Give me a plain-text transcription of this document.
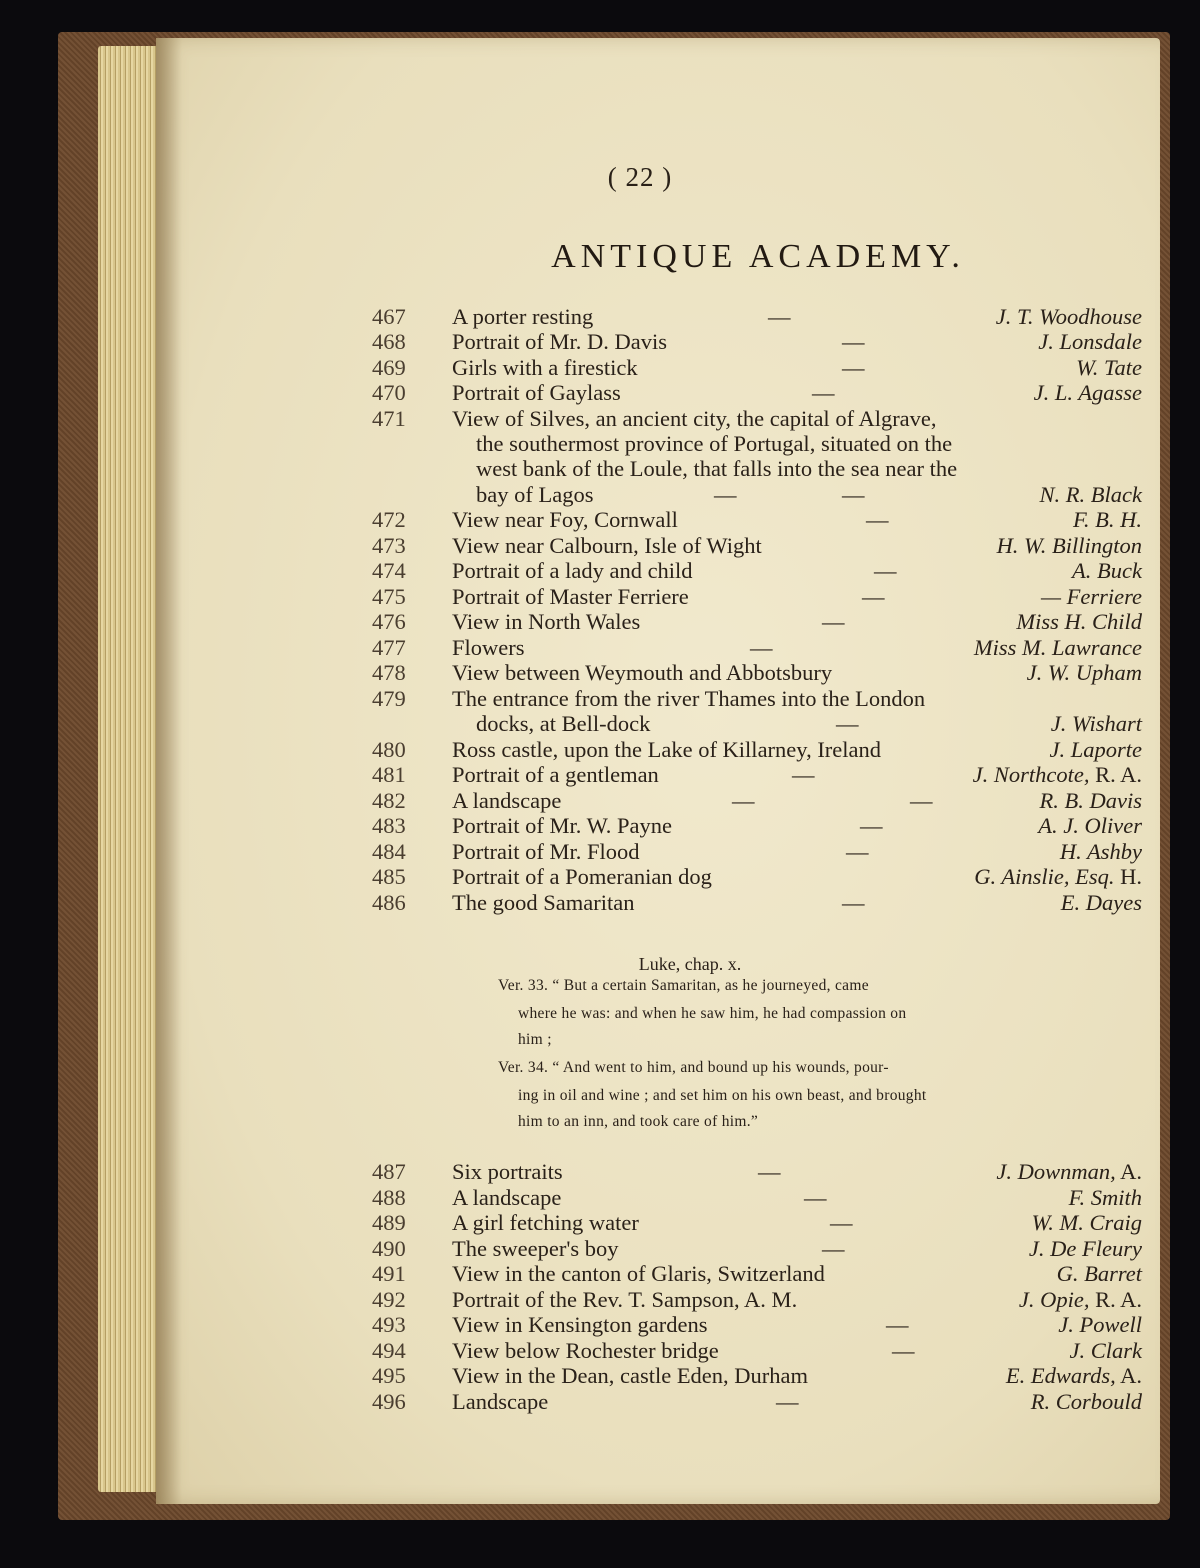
( 22 )
ANTIQUE ACADEMY.
467	A porter resting	—	J. T. Woodhouse
468	Portrait of Mr. D. Davis	—	J. Lonsdale
469	Girls with a firestick	—	W. Tate
470	Portrait of Gaylass	—	J. L. Agasse
471	View of Silves, an ancient city, the capital of Algrave,
the southermost province of Portugal, situated on the
west bank of the Loule, that falls into the sea near the
bay of Lagos	—	—	N. R. Black
472	View near Foy, Cornwall	—	F. B. H.
473	View near Calbourn, Isle of Wight	H. W. Billington
474	Portrait of a lady and child	—	A. Buck
475	Portrait of Master Ferriere	—	— Ferriere
476	View in North Wales	—	Miss H. Child
477	Flowers	—	Miss M. Lawrance
478	View between Weymouth and Abbotsbury	J. W. Upham
479	The entrance from the river Thames into the London
docks, at Bell-dock	—	J. Wishart
480	Ross castle, upon the Lake of Killarney, Ireland	J. Laporte
481	Portrait of a gentleman	—	J. Northcote, R. A.
482	A landscape	—	—	R. B. Davis
483	Portrait of Mr. W. Payne	—	A. J. Oliver
484	Portrait of Mr. Flood	—	H. Ashby
485	Portrait of a Pomeranian dog	G. Ainslie, Esq. H.
486	The good Samaritan	—	E. Dayes
487	Six portraits	—	J. Downman, A.
488	A landscape	—	F. Smith
489	A girl fetching water	—	W. M. Craig
490	The sweeper's boy	—	J. De Fleury
491	View in the canton of Glaris, Switzerland	G. Barret
492	Portrait of the Rev. T. Sampson, A. M.	J. Opie, R. A.
493	View in Kensington gardens	—	J. Powell
494	View below Rochester bridge	—	J. Clark
495	View in the Dean, castle Eden, Durham	E. Edwards, A.
496	Landscape	—	R. Corbould
Luke, chap. x.
Ver. 33. “ But a certain Samaritan, as he journeyed, came
where he was: and when he saw him, he had compassion on
him ;
Ver. 34. “ And went to him, and bound up his wounds, pour-
ing in oil and wine ; and set him on his own beast, and brought
him to an inn, and took care of him.”
